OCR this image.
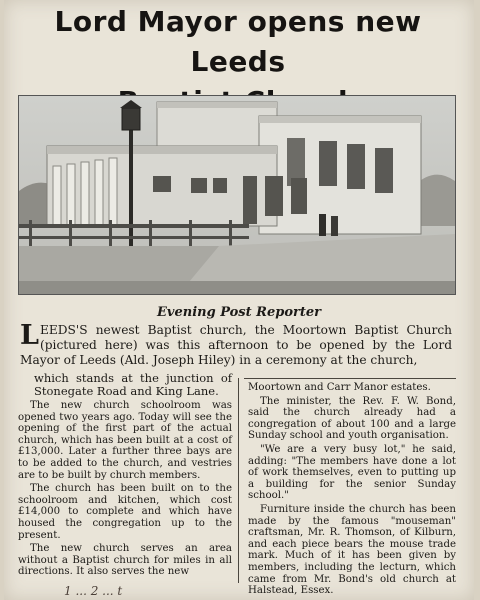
Lord Mayor opens new Leeds
Evening Post Reporter
LEEDS'S newest Baptist church, the Moortown Baptist Church (pictured here) was this afternoon to be opened by the Lord Mayor of Leeds (Ald. Joseph Hiley) in a ceremony at the church,

which stands at the junction of Stonegate Road and King Lane.

The new church schoolroom was opened two years ago. Today will see the opening of the first part of the actual church, which has been built at a cost of £13,000. Later a further three bays are to be added to the church, and vestries are to be built by church members.

The church has been built on to the schoolroom and kitchen, which cost £14,000 to complete and which have housed the congregation up to the present.

The new church serves an area without a Baptist church for miles in all directions. It also serves the new

Moortown and Carr Manor estates.

The minister, the Rev. F. W. Bond, said the church already had a congregation of about 100 and a large Sunday school and youth organisation.

"We are a very busy lot," he said, adding: "The members have done a lot of work themselves, even to putting up a building for the senior Sunday school."

Furniture inside the church has been made by the famous "mouseman" craftsman, Mr. R. Thomson, of Kilburn, and each piece bears the mouse trade mark. Much of it has been given by members, including the lecturn, which came from Mr. Bond's old church at Halstead, Essex.

1 ... 2 ... t
